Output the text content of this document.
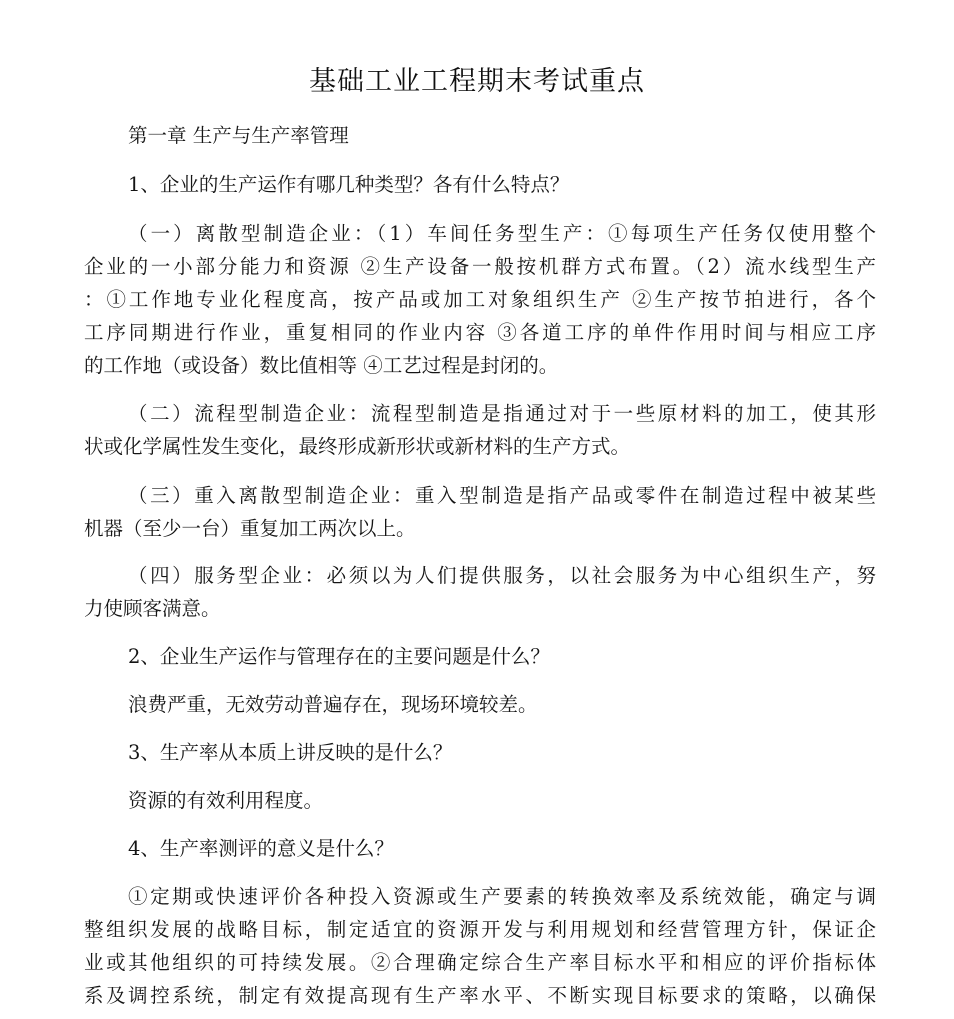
基础工业工程期末考试重点
第一章 生产与生产率管理
1、企业的生产运作有哪几种类型？各有什么特点？
（一）离散型制造企业：（1）车间任务型生产：①每项生产任务仅使用整个
企业的一小部分能力和资源 ②生产设备一般按机群方式布置。（2）流水线型生产
：①工作地专业化程度高，按产品或加工对象组织生产 ②生产按节拍进行，各个
工序同期进行作业，重复相同的作业内容 ③各道工序的单件作用时间与相应工序
的工作地（或设备）数比值相等 ④工艺过程是封闭的。
（二）流程型制造企业：流程型制造是指通过对于一些原材料的加工，使其形
状或化学属性发生变化，最终形成新形状或新材料的生产方式。
（三）重入离散型制造企业：重入型制造是指产品或零件在制造过程中被某些
机器（至少一台）重复加工两次以上。
（四）服务型企业：必须以为人们提供服务，以社会服务为中心组织生产，努
力使顾客满意。
2、企业生产运作与管理存在的主要问题是什么？
浪费严重，无效劳动普遍存在，现场环境较差。
3、生产率从本质上讲反映的是什么？
资源的有效利用程度。
4、生产率测评的意义是什么？
①定期或快速评价各种投入资源或生产要素的转换效率及系统效能，确定与调
整组织发展的战略目标，制定适宜的资源开发与利用规划和经营管理方针，保证企
业或其他组织的可持续发展。②合理确定综合生产率目标水平和相应的评价指标体
系及调控系统，制定有效提高现有生产率水平、不断实现目标要求的策略，以确保
